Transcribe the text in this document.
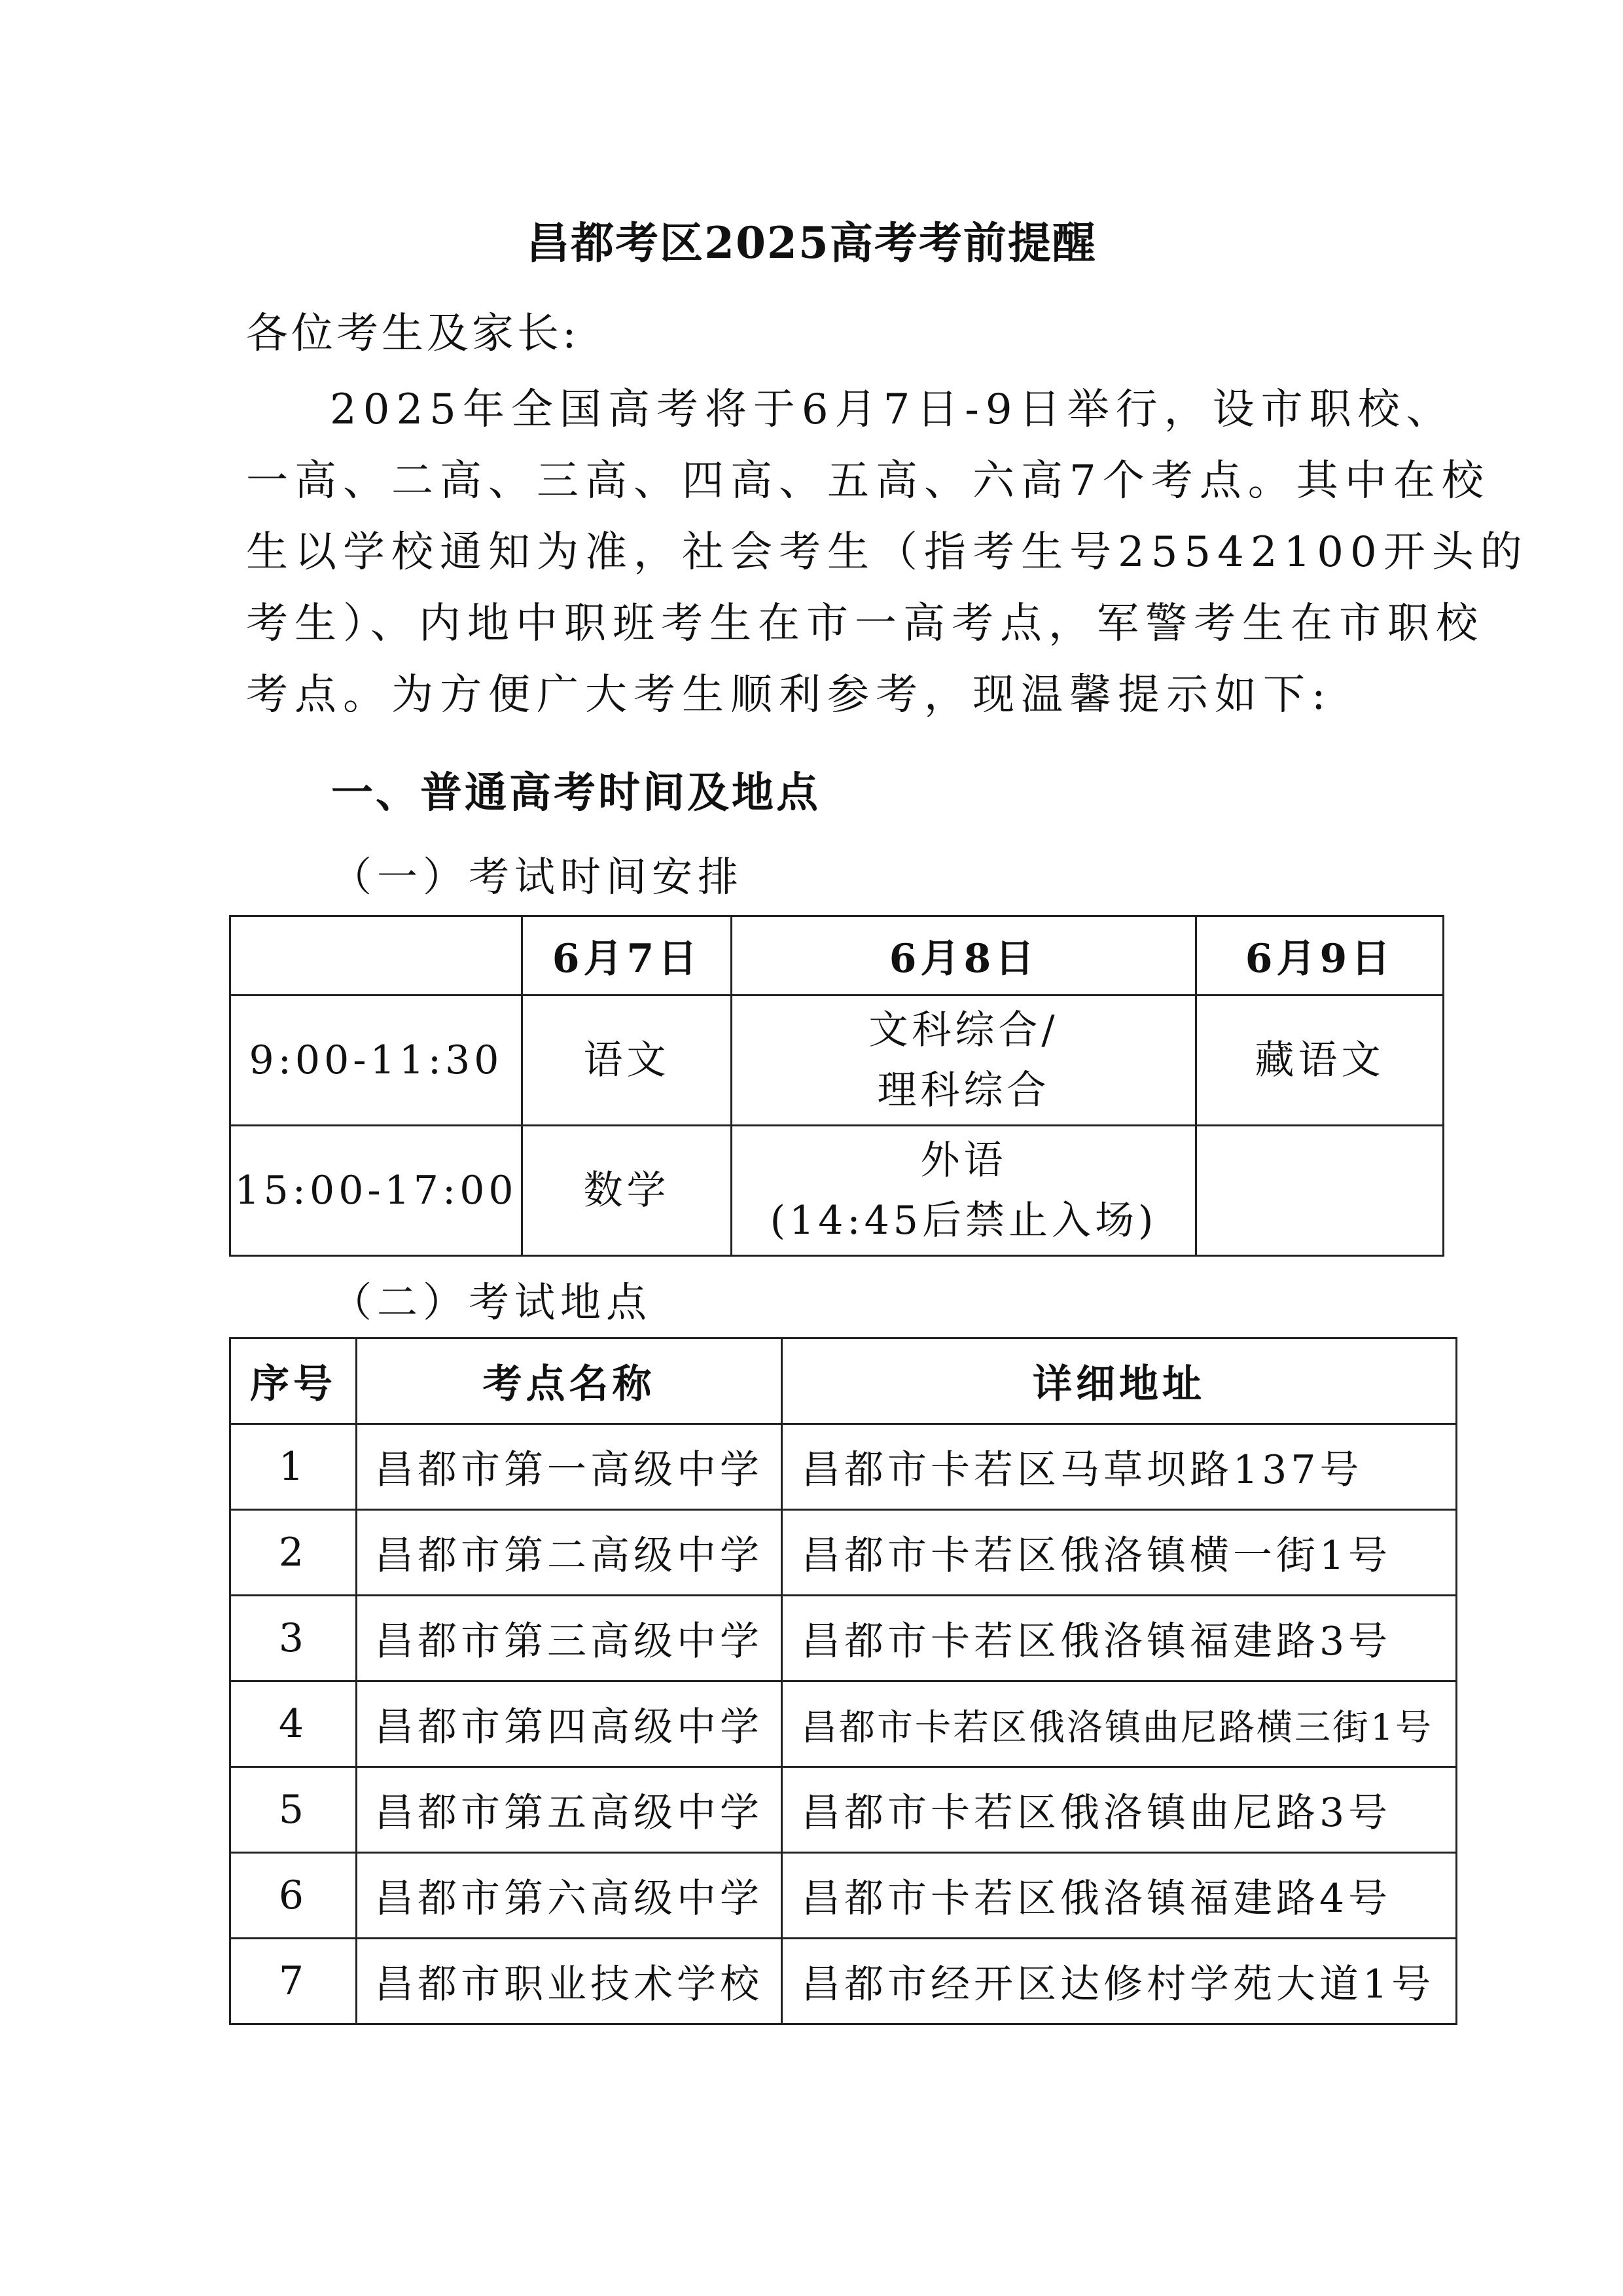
昌都考区2025高考考前提醒
各位考生及家长:
2025年全国高考将于6月7日-9日举行，设市职校、
一高、二高、三高、四高、五高、六高7个考点。其中在校
生以学校通知为准，社会考生（指考生号25542100开头的
考生）、内地中职班考生在市一高考点，军警考生在市职校
考点。为方便广大考生顺利参考，现温馨提示如下:
一、普通高考时间及地点
（一）考试时间安排
	6月7日	6月8日	6月9日
9:00-11:30	语文	文科综合/
理科综合	藏语文
15:00-17:00	数学	外语
(14:45后禁止入场)	

（二）考试地点
序号	考点名称	详细地址
1	昌都市第一高级中学	昌都市卡若区马草坝路137号
2	昌都市第二高级中学	昌都市卡若区俄洛镇横一街1号
3	昌都市第三高级中学	昌都市卡若区俄洛镇福建路3号
4	昌都市第四高级中学	昌都市卡若区俄洛镇曲尼路横三街1号
5	昌都市第五高级中学	昌都市卡若区俄洛镇曲尼路3号
6	昌都市第六高级中学	昌都市卡若区俄洛镇福建路4号
7	昌都市职业技术学校	昌都市经开区达修村学苑大道1号
